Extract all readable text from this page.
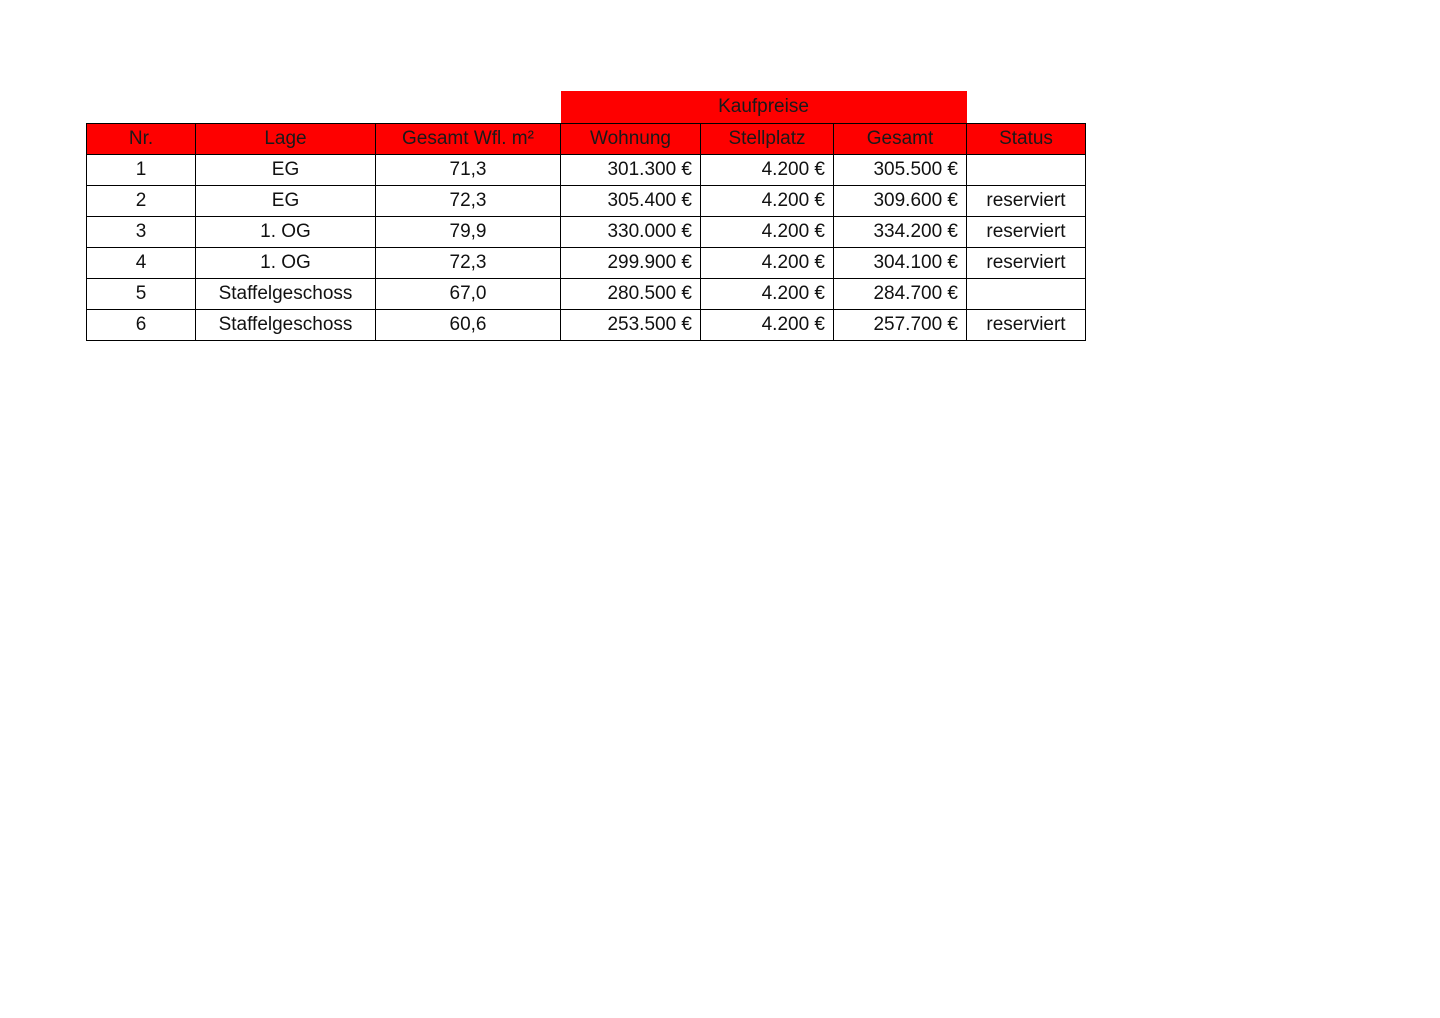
			Kaufpreise			
Nr.	Lage	Gesamt Wfl. m²	Wohnung	Stellplatz	Gesamt	Status
1	EG	71,3	301.300 €	4.200 €	305.500 €	
2	EG	72,3	305.400 €	4.200 €	309.600 €	reserviert
3	1. OG	79,9	330.000 €	4.200 €	334.200 €	reserviert
4	1. OG	72,3	299.900 €	4.200 €	304.100 €	reserviert
5	Staffelgeschoss	67,0	280.500 €	4.200 €	284.700 €	
6	Staffelgeschoss	60,6	253.500 €	4.200 €	257.700 €	reserviert
